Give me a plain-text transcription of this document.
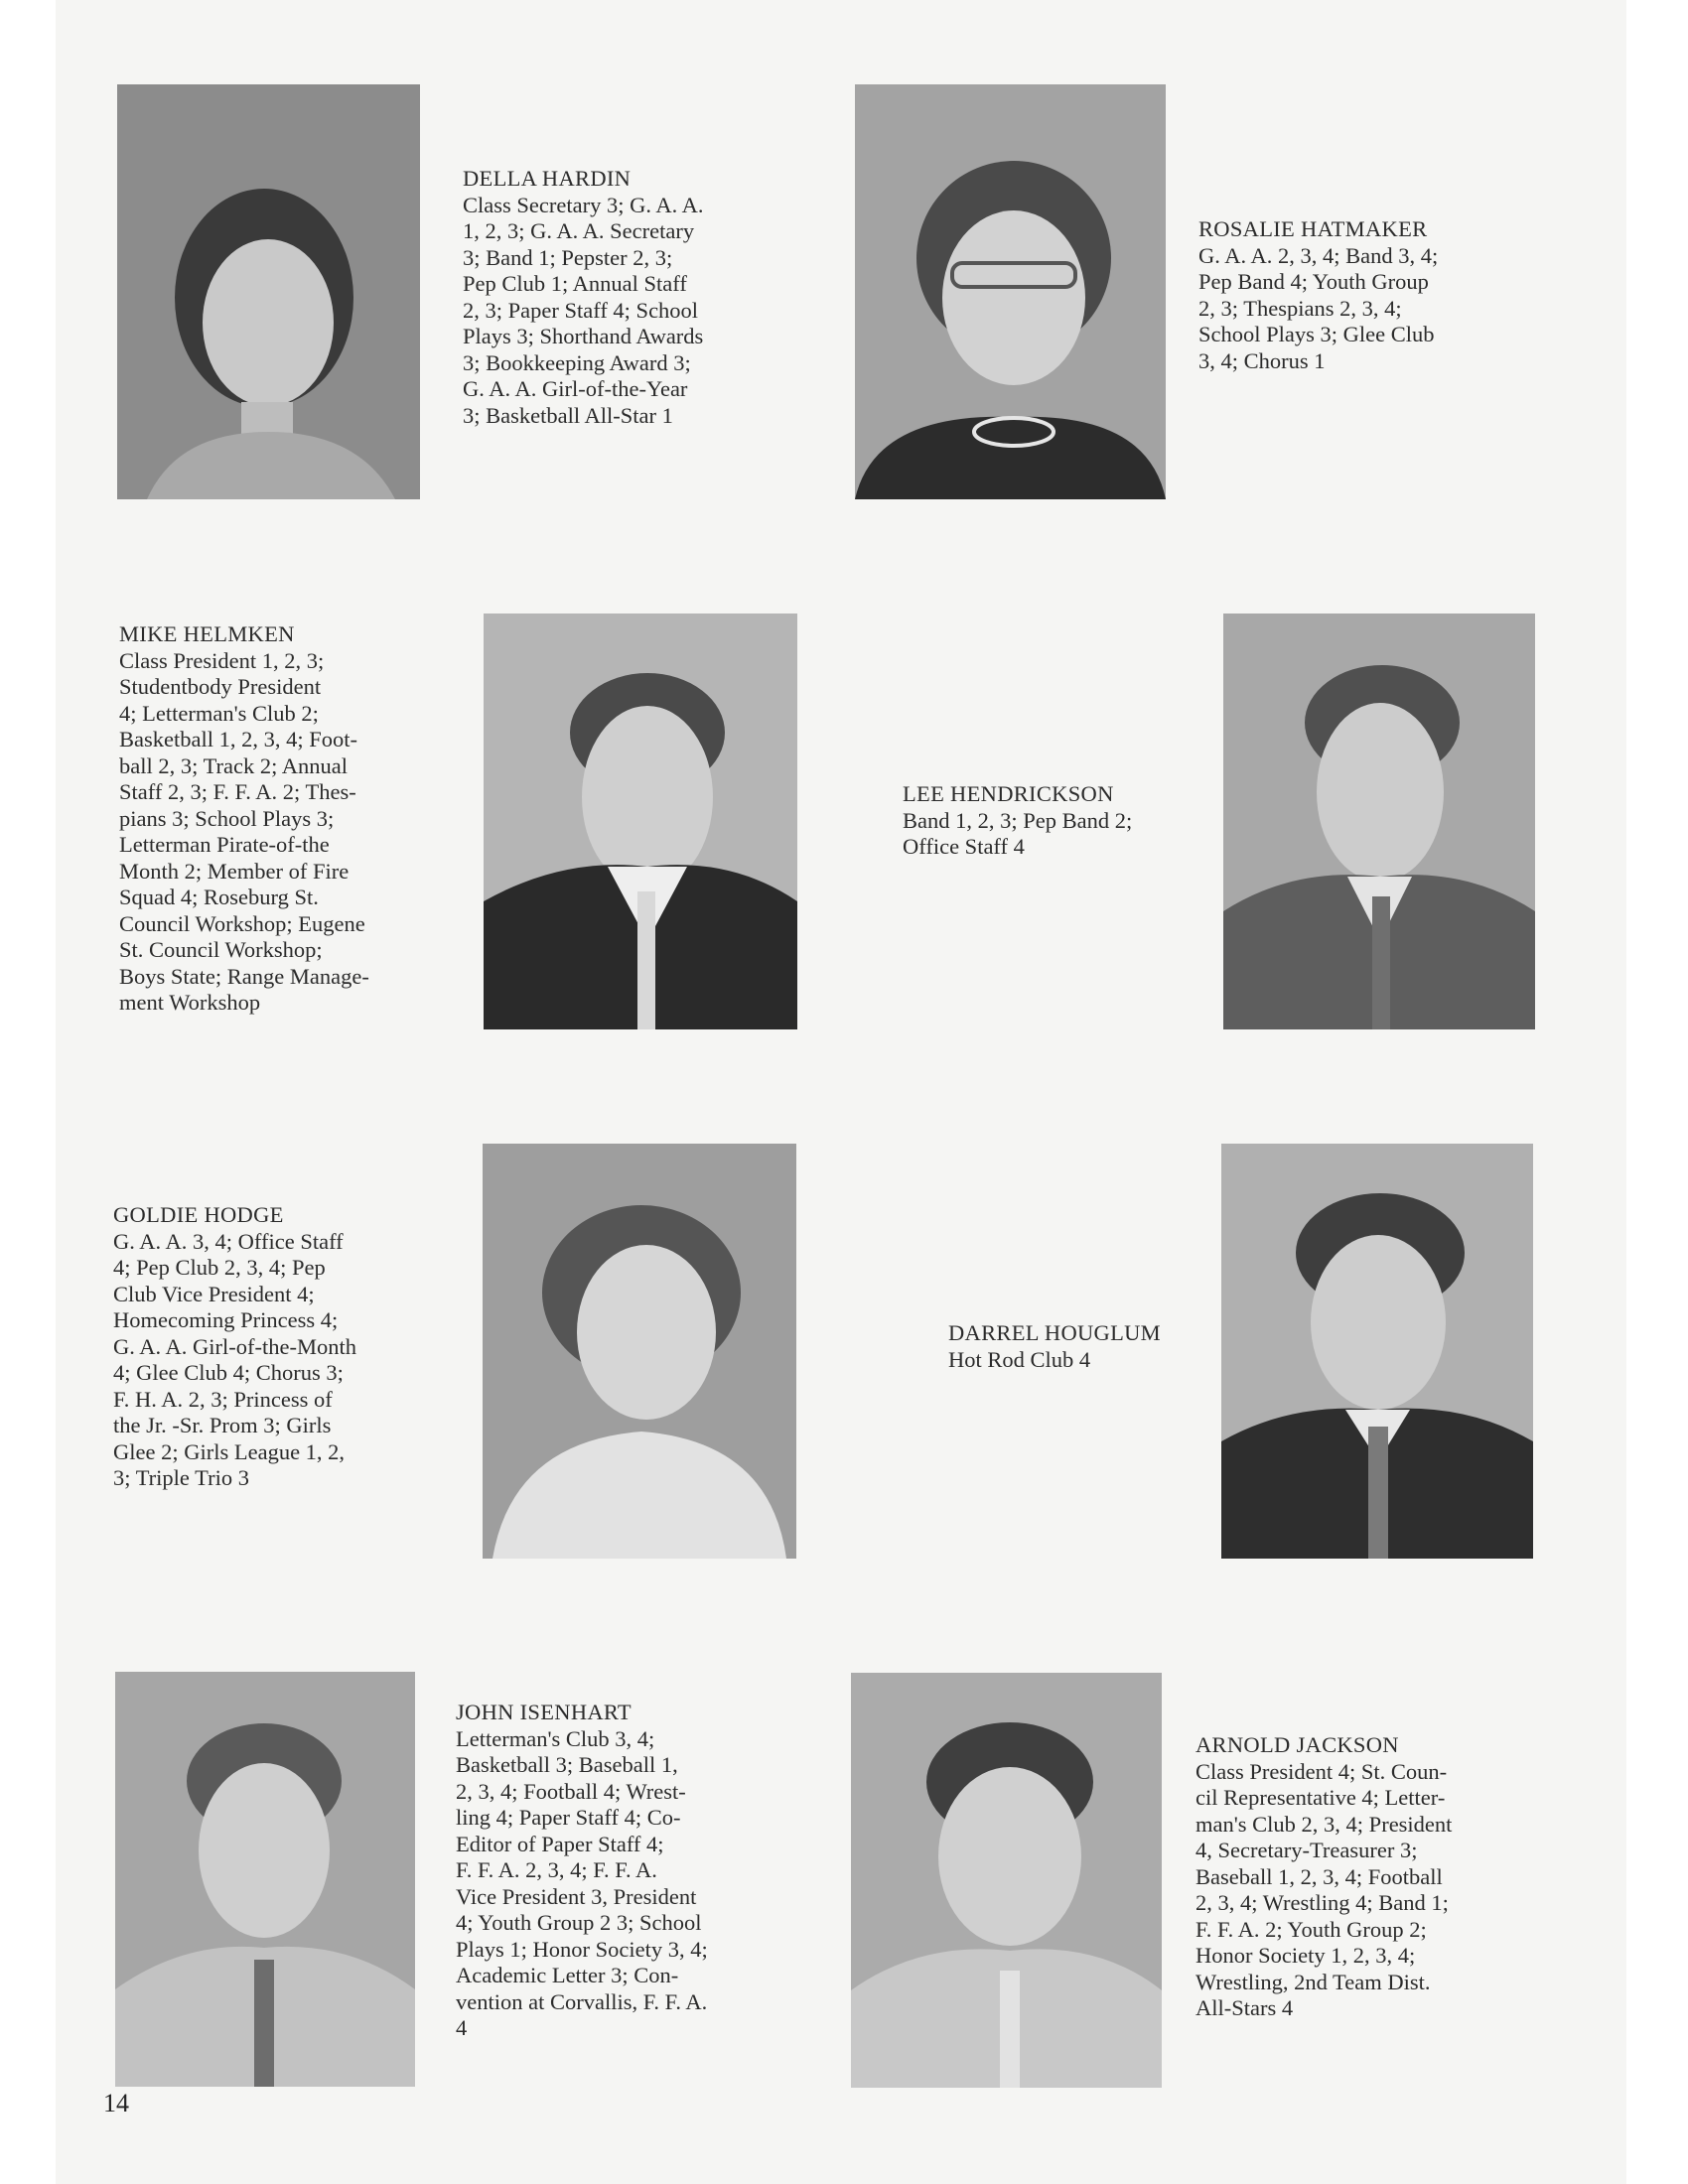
DELLA HARDIN
Class Secretary 3; G. A. A.
1, 2, 3; G. A. A. Secretary
3; Band 1; Pepster 2, 3;
Pep Club 1; Annual Staff
2, 3; Paper Staff 4; School
Plays 3; Shorthand Awards
3; Bookkeeping Award 3;
G. A. A. Girl-of-the-Year
3; Basketball All-Star 1
ROSALIE HATMAKER
G. A. A. 2, 3, 4; Band 3, 4;
Pep Band 4; Youth Group
2, 3; Thespians 2, 3, 4;
School Plays 3; Glee Club
3, 4; Chorus 1
MIKE HELMKEN
Class President 1, 2, 3;
Studentbody President
4; Letterman's Club 2;
Basketball 1, 2, 3, 4; Foot-
ball 2, 3; Track 2; Annual
Staff 2, 3; F. F. A. 2; Thes-
pians 3; School Plays 3;
Letterman Pirate-of-the
Month 2; Member of Fire
Squad 4; Roseburg St.
Council Workshop; Eugene
St. Council Workshop;
Boys State; Range Manage-
ment Workshop
LEE HENDRICKSON
Band 1, 2, 3; Pep Band 2;
Office Staff 4
GOLDIE HODGE
G. A. A. 3, 4; Office Staff
4; Pep Club 2, 3, 4; Pep
Club Vice President 4;
Homecoming Princess 4;
G. A. A. Girl-of-the-Month
4; Glee Club 4; Chorus 3;
F. H. A. 2, 3; Princess of
the Jr. -Sr. Prom 3; Girls
Glee 2; Girls League 1, 2,
3; Triple Trio 3
DARREL HOUGLUM
Hot Rod Club 4
JOHN ISENHART
Letterman's Club 3, 4;
Basketball 3; Baseball 1,
2, 3, 4; Football 4; Wrest-
ling 4; Paper Staff 4; Co-
Editor of Paper Staff 4;
F. F. A. 2, 3, 4; F. F. A.
Vice President 3, President
4; Youth Group 2 3; School
Plays 1; Honor Society 3, 4;
Academic Letter 3; Con-
vention at Corvallis, F. F. A.
4
ARNOLD JACKSON
Class President 4; St. Coun-
cil Representative 4; Letter-
man's Club 2, 3, 4; President
4, Secretary-Treasurer 3;
Baseball 1, 2, 3, 4; Football
2, 3, 4; Wrestling 4; Band 1;
F. F. A. 2; Youth Group 2;
Honor Society 1, 2, 3, 4;
Wrestling, 2nd Team Dist.
All-Stars 4
14
